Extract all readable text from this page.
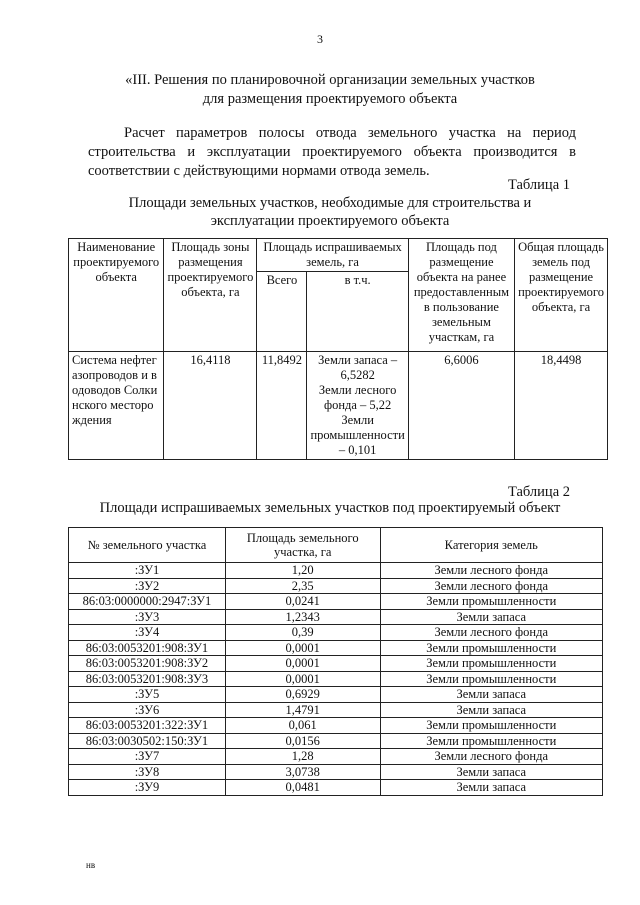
3
«III. Решения по планировочной организации земельных участков
для размещения проектируемого объекта
Расчет параметров полосы отвода земельного участка на период строительства и эксплуатации проектируемого объекта производится в соответствии с действующими нормами отвода земель.
Таблица 1
Площади земельных участков, необходимые для строительства и
эксплуатации проектируемого объекта
Наименование проектируемого объекта	Площадь зоны размещения проектируемого объекта, га	Площадь испрашиваемых земель, га		Площадь под размещение объекта на ранее предоставленным в пользование земельным участкам, га	Общая площадь земель под размещение проектируемого объекта, га
		Всего	в т.ч.		
Система нефтегазопроводов и водоводов Солкинского месторождения	16,4118	11,8492	Земли запаса – 6,5282
Земли лесного фонда – 5,22
Земли промышленности – 0,101	6,6006	18,4498
Таблица 2
Площади испрашиваемых земельных участков под проектируемый объект
№ земельного участка	Площадь земельного участка, га	Категория земель
:ЗУ1	1,20	Земли лесного фонда
:ЗУ2	2,35	Земли лесного фонда
86:03:0000000:2947:ЗУ1	0,0241	Земли промышленности
:ЗУ3	1,2343	Земли запаса
:ЗУ4	0,39	Земли лесного фонда
86:03:0053201:908:ЗУ1	0,0001	Земли промышленности
86:03:0053201:908:ЗУ2	0,0001	Земли промышленности
86:03:0053201:908:ЗУ3	0,0001	Земли промышленности
:ЗУ5	0,6929	Земли запаса
:ЗУ6	1,4791	Земли запаса
86:03:0053201:322:ЗУ1	0,061	Земли промышленности
86:03:0030502:150:ЗУ1	0,0156	Земли промышленности
:ЗУ7	1,28	Земли лесного фонда
:ЗУ8	3,0738	Земли запаса
:ЗУ9	0,0481	Земли запаса
нв
